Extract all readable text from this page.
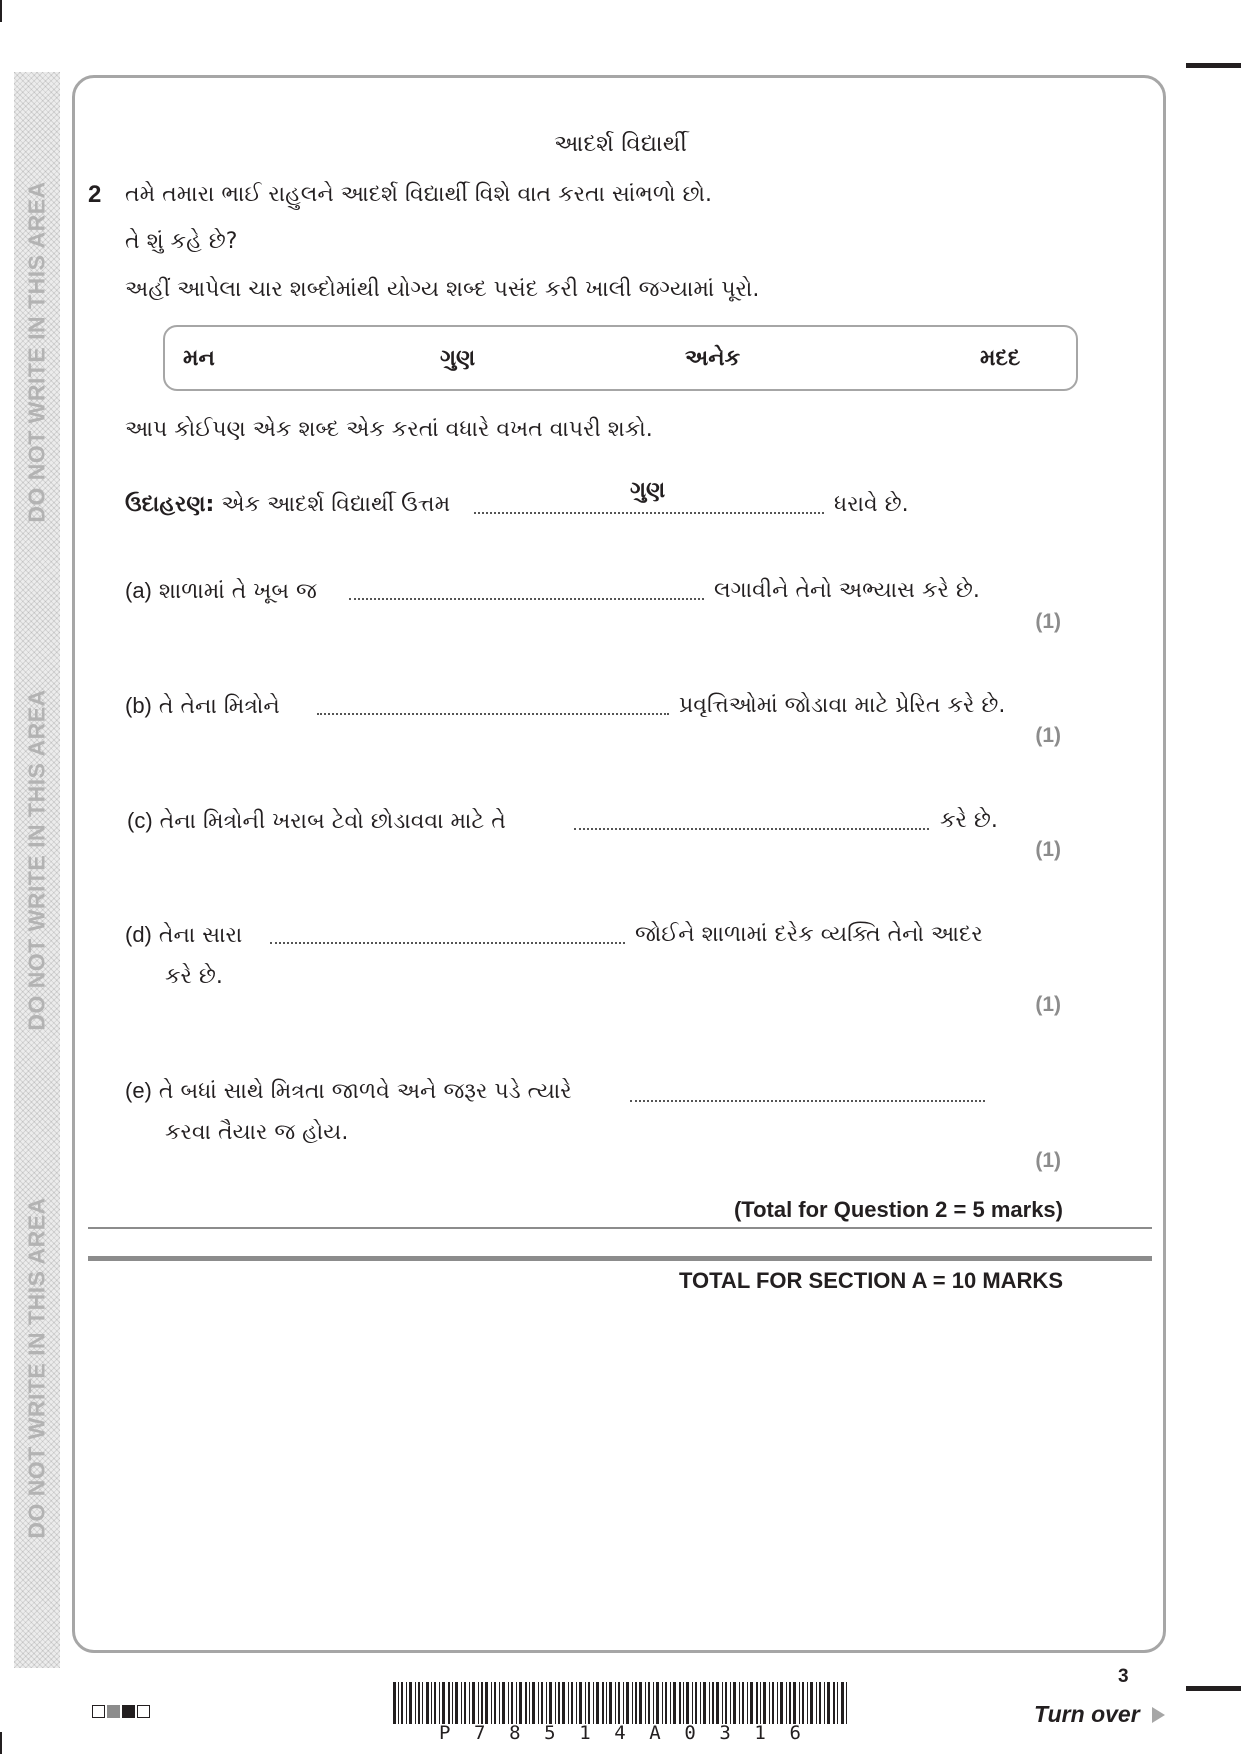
DO NOT WRITE IN THIS AREA
DO NOT WRITE IN THIS AREA
DO NOT WRITE IN THIS AREA
આદર્શ વિદ્યાર્થી
2 તમે તમારા ભાઈ રાહુલને આદર્શ વિદ્યાર્થી વિશે વાત કરતા સાંભળો છો.
તે શું કહે છે?
અહીં આપેલા ચાર શબ્દોમાંથી યોગ્ય શબ્દ પસંદ કરી ખાલી જગ્યામાં પૂરો.
મન	ગુણ	અનેક	મદદ
આપ કોઈપણ એક શબ્દ એક કરતાં વધારે વખત વાપરી શકો.
ઉદાહરણ: એક આદર્શ વિદ્યાર્થી ઉત્તમ
ગુણ
ધરાવે છે.
(a) શાળામાં તે ખૂબ જ	લગાવીને તેનો અભ્યાસ કરે છે.
(1)
(b) તે તેના મિત્રોને	પ્રવૃત્તિઓમાં જોડાવા માટે પ્રેરિત કરે છે.
(1)
(c) તેના મિત્રોની ખરાબ ટેવો છોડાવવા માટે તે	કરે છે.
(1)
(d) તેના સારા	જોઈને શાળામાં દરેક વ્યક્તિ તેનો આદર
કરે છે.
(1)
(e) તે બધાં સાથે મિત્રતા જાળવે અને જરૂર પડે ત્યારે
કરવા તૈયાર જ હોય.
(1)
(Total for Question 2 = 5 marks)
TOTAL FOR SECTION A = 10 MARKS
P 7 8 5 1 4 A 0 3 1 6
3
Turn over
